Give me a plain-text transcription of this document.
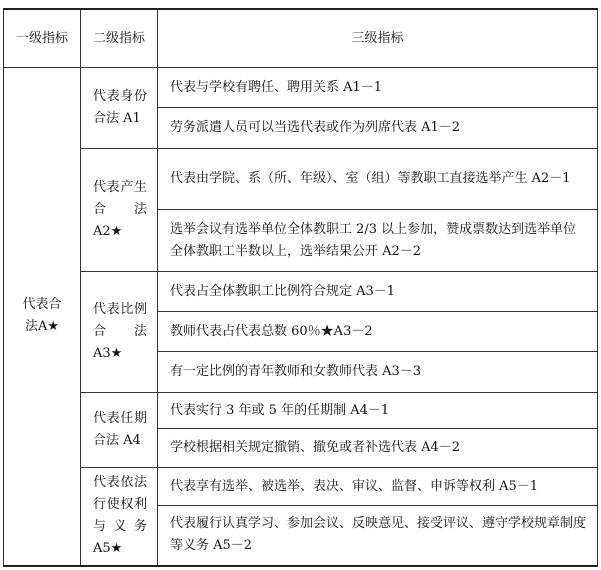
一级指标	二级指标	三级指标
代表合法A★	代表身份合法 A1	代表与学校有聘任、聘用关系 A1－1
		劳务派遣人员可以当选代表或作为列席代表 A1－2
	代表产生合法 A2★	代表由学院、系（所、年级）、室（组）等教职工直接选举产生 A2－1
		选举会议有选举单位全体教职工 2/3 以上参加，赞成票数达到选举单位全体教职工半数以上，选举结果公开 A2－2
	代表比例合法 A3★	代表占全体教职工比例符合规定 A3－1
		教师代表占代表总数 60％★A3－2
		有一定比例的青年教师和女教师代表 A3－3
	代表任期合法 A4	代表实行 3 年或 5 年的任期制 A4－1
		学校根据相关规定撤销、撤免或者补选代表 A4－2
	代表依法行使权利与义务 A5★	代表享有选举、被选举、表决、审议、监督、申诉等权利 A5－1
		代表履行认真学习、参加会议、反映意见、接受评议、遵守学校规章制度等义务 A5－2
